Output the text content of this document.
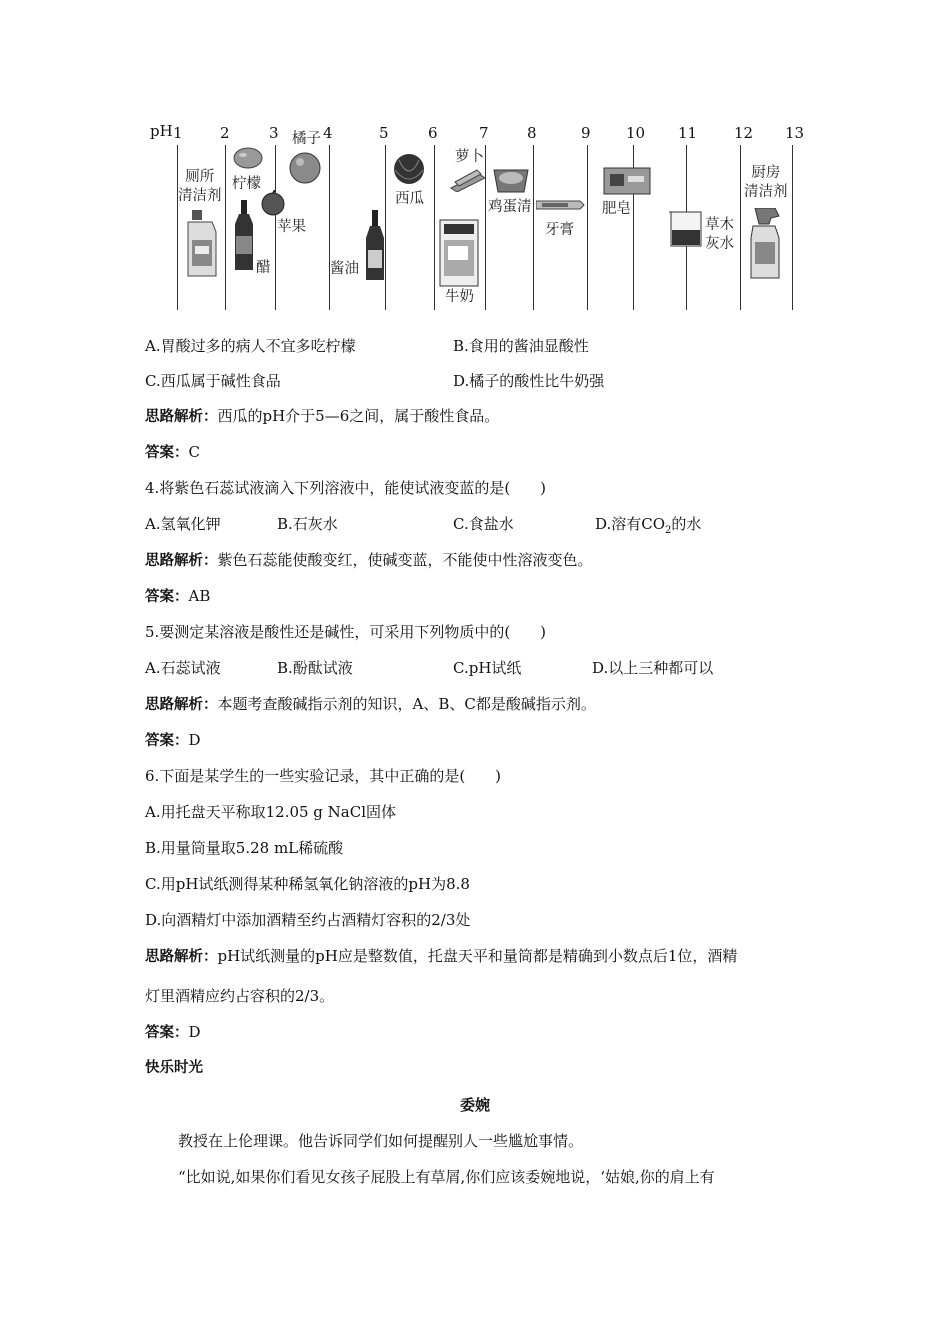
pH 1 2	3	4	5	6	7	8	9 10 11 12 13
厕所
清洁剂
柠檬
醋
苹果
橘子
酱油
西瓜
萝卜
牛奶
鸡蛋清
牙膏
肥皂
草木
灰水
厨房
清洁剂
A.胃酸过多的病人不宜多吃柠檬	B.食用的酱油显酸性
C.西瓜属于碱性食品	D.橘子的酸性比牛奶强
思路解析：西瓜的pH介于5—6之间，属于酸性食品。
答案：C
4.将紫色石蕊试液滴入下列溶液中，能使试液变蓝的是(　　)
A.氢氧化钾	B.石灰水	C.食盐水	D.溶有$CO_2$的水
思路解析：紫色石蕊能使酸变红，使碱变蓝，不能使中性溶液变色。
答案：AB
5.要测定某溶液是酸性还是碱性，可采用下列物质中的(　　)
A.石蕊试液	B.酚酞试液	C.pH试纸	D.以上三种都可以
思路解析：本题考查酸碱指示剂的知识，A、B、C都是酸碱指示剂。
答案：D
6.下面是某学生的一些实验记录，其中正确的是(　　)
A.用托盘天平称取12.05 g NaCl固体
B.用量筒量取5.28 mL稀硫酸
C.用pH试纸测得某种稀氢氧化钠溶液的pH为8.8
D.向酒精灯中添加酒精至约占酒精灯容积的2/3处
思路解析：pH试纸测量的pH应是整数值，托盘天平和量筒都是精确到小数点后1位，酒精
灯里酒精应约占容积的2/3。
答案：D
快乐时光
委婉
教授在上伦理课。他告诉同学们如何提醒别人一些尴尬事情。
“比如说,如果你们看见女孩子屁股上有草屑,你们应该委婉地说，‘姑娘,你的肩上有
